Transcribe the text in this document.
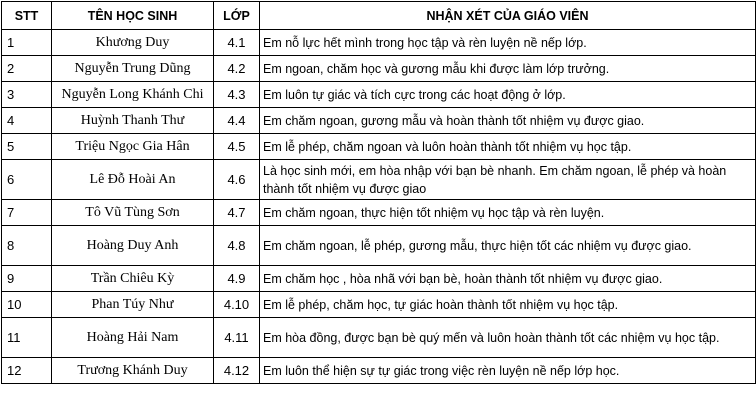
STT	TÊN HỌC SINH	LỚP	NHẬN XÉT CỦA GIÁO VIÊN
1	Khương Duy	4.1	Em nỗ lực hết mình trong học tập và rèn luyện nề nếp lớp.
2	Nguyễn Trung Dũng	4.2	Em ngoan, chăm học và gương mẫu khi được làm lớp trưởng.
3	Nguyễn Long Khánh Chi	4.3	Em luôn tự giác và tích cực trong các hoạt động ở lớp.
4	Huỳnh Thanh Thư	4.4	Em chăm ngoan, gương mẫu và hoàn thành tốt nhiệm vụ được giao.
5	Triệu Ngọc Gia Hân	4.5	Em lễ phép, chăm ngoan và luôn hoàn thành tốt nhiệm vụ học tập.
6	Lê Đỗ Hoài An	4.6	Là học sinh mới, em hòa nhập với bạn bè nhanh. Em chăm ngoan, lễ phép và hoàn thành tốt nhiệm vụ được giao
7	Tô Vũ Tùng Sơn	4.7	Em chăm ngoan, thực hiện tốt nhiệm vụ học tập và rèn luyện.
8	Hoàng Duy Anh	4.8	Em chăm ngoan, lễ phép, gương mẫu, thực hiện tốt các nhiệm vụ được giao.
9	Trần Chiêu Kỳ	4.9	Em chăm học , hòa nhã với bạn bè, hoàn thành tốt nhiệm vụ được giao.
10	Phan Túy Như	4.10	Em lễ phép, chăm học, tự giác hoàn thành tốt nhiệm vụ học tập.
11	Hoàng Hải Nam	4.11	Em hòa đồng, được bạn bè quý mến và luôn hoàn thành tốt các nhiệm vụ học tập.
12	Trương Khánh Duy	4.12	Em luôn thể hiện sự tự giác trong việc rèn luyện nề nếp lớp học.
